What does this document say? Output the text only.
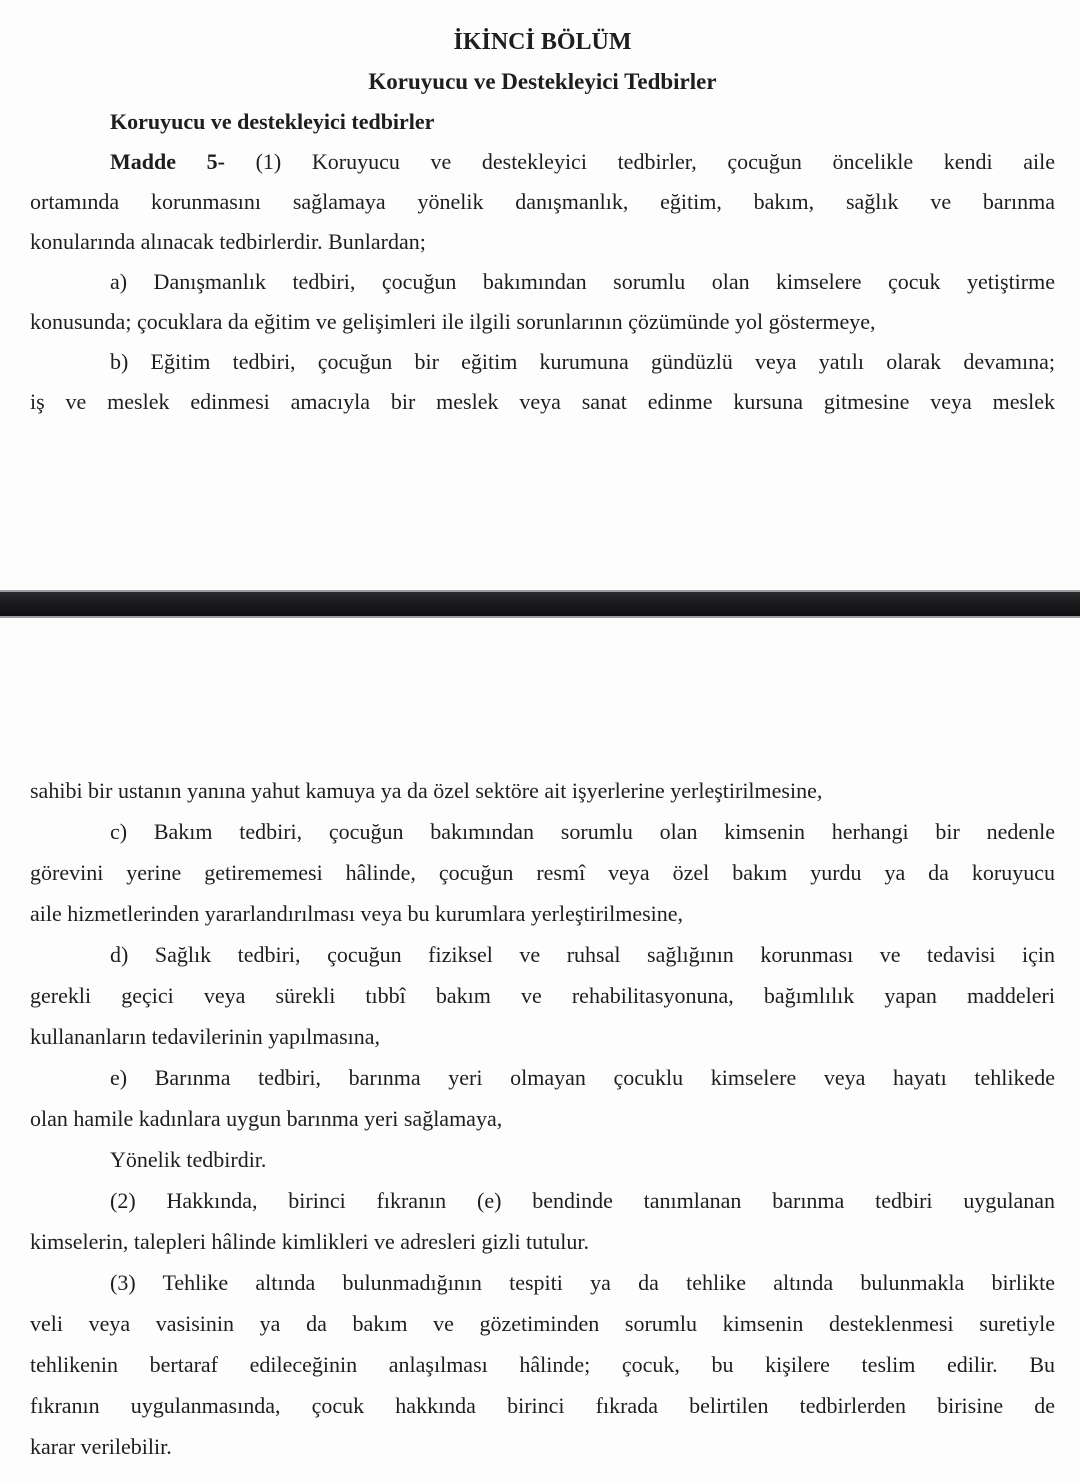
İKİNCİ BÖLÜM
Koruyucu ve Destekleyici Tedbirler
Koruyucu ve destekleyici tedbirler
Madde 5- (1) Koruyucu ve destekleyici tedbirler, çocuğun öncelikle kendi aile
ortamında korunmasını sağlamaya yönelik danışmanlık, eğitim, bakım, sağlık ve barınma
konularında alınacak tedbirlerdir. Bunlardan;
a) Danışmanlık tedbiri, çocuğun bakımından sorumlu olan kimselere çocuk yetiştirme
konusunda; çocuklara da eğitim ve gelişimleri ile ilgili sorunlarının çözümünde yol göstermeye,
b) Eğitim tedbiri, çocuğun bir eğitim kurumuna gündüzlü veya yatılı olarak devamına;
iş ve meslek edinmesi amacıyla bir meslek veya sanat edinme kursuna gitmesine veya meslek
sahibi bir ustanın yanına yahut kamuya ya da özel sektöre ait işyerlerine yerleştirilmesine,
c) Bakım tedbiri, çocuğun bakımından sorumlu olan kimsenin herhangi bir nedenle
görevini yerine getirememesi hâlinde, çocuğun resmî veya özel bakım yurdu ya da koruyucu
aile hizmetlerinden yararlandırılması veya bu kurumlara yerleştirilmesine,
d) Sağlık tedbiri, çocuğun fiziksel ve ruhsal sağlığının korunması ve tedavisi için
gerekli geçici veya sürekli tıbbî bakım ve rehabilitasyonuna, bağımlılık yapan maddeleri
kullananların tedavilerinin yapılmasına,
e) Barınma tedbiri, barınma yeri olmayan çocuklu kimselere veya hayatı tehlikede
olan hamile kadınlara uygun barınma yeri sağlamaya,
Yönelik tedbirdir.
(2) Hakkında, birinci fıkranın (e) bendinde tanımlanan barınma tedbiri uygulanan
kimselerin, talepleri hâlinde kimlikleri ve adresleri gizli tutulur.
(3) Tehlike altında bulunmadığının tespiti ya da tehlike altında bulunmakla birlikte
veli veya vasisinin ya da bakım ve gözetiminden sorumlu kimsenin desteklenmesi suretiyle
tehlikenin bertaraf edileceğinin anlaşılması hâlinde; çocuk, bu kişilere teslim edilir. Bu
fıkranın uygulanmasında, çocuk hakkında birinci fıkrada belirtilen tedbirlerden birisine de
karar verilebilir.
